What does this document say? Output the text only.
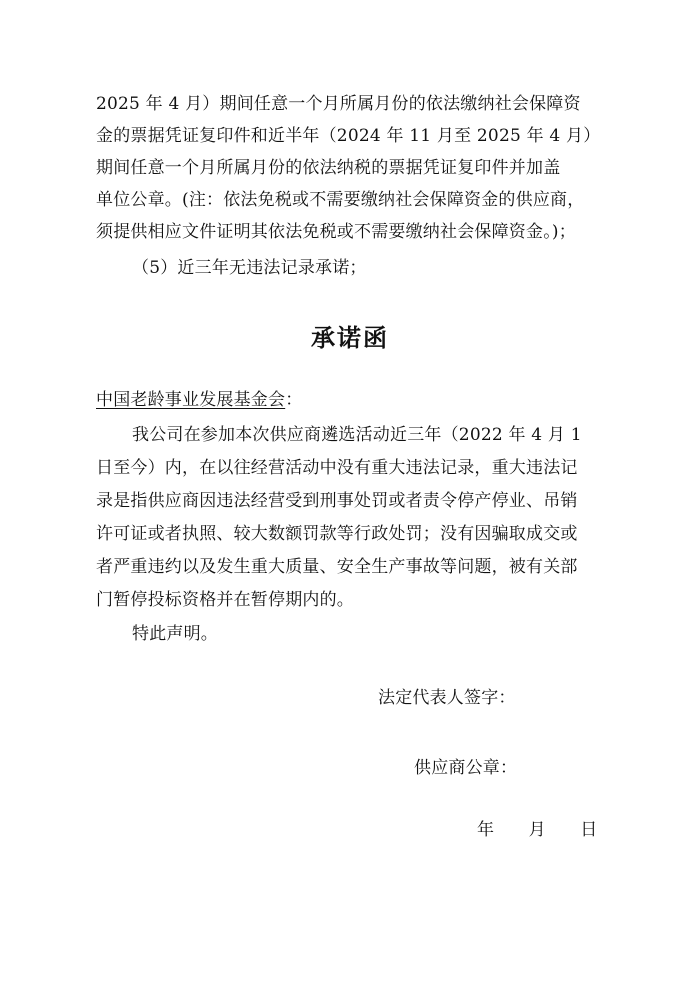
2025 年 4 月）期间任意一个月所属月份的依法缴纳社会保障资
金的票据凭证复印件和近半年（2024 年 11 月至 2025 年 4 月）
期间任意一个月所属月份的依法纳税的票据凭证复印件并加盖
单位公章。(注：依法免税或不需要缴纳社会保障资金的供应商，
须提供相应文件证明其依法免税或不需要缴纳社会保障资金。)；
（5）近三年无违法记录承诺；
承诺函
中国老龄事业发展基金会：
我公司在参加本次供应商遴选活动近三年（2022 年 4 月 1
日至今）内，在以往经营活动中没有重大违法记录，重大违法记
录是指供应商因违法经营受到刑事处罚或者责令停产停业、吊销
许可证或者执照、较大数额罚款等行政处罚；没有因骗取成交或
者严重违约以及发生重大质量、安全生产事故等问题，被有关部
门暂停投标资格并在暂停期内的。
特此声明。
法定代表人签字：
供应商公章：
年　　月　　日
